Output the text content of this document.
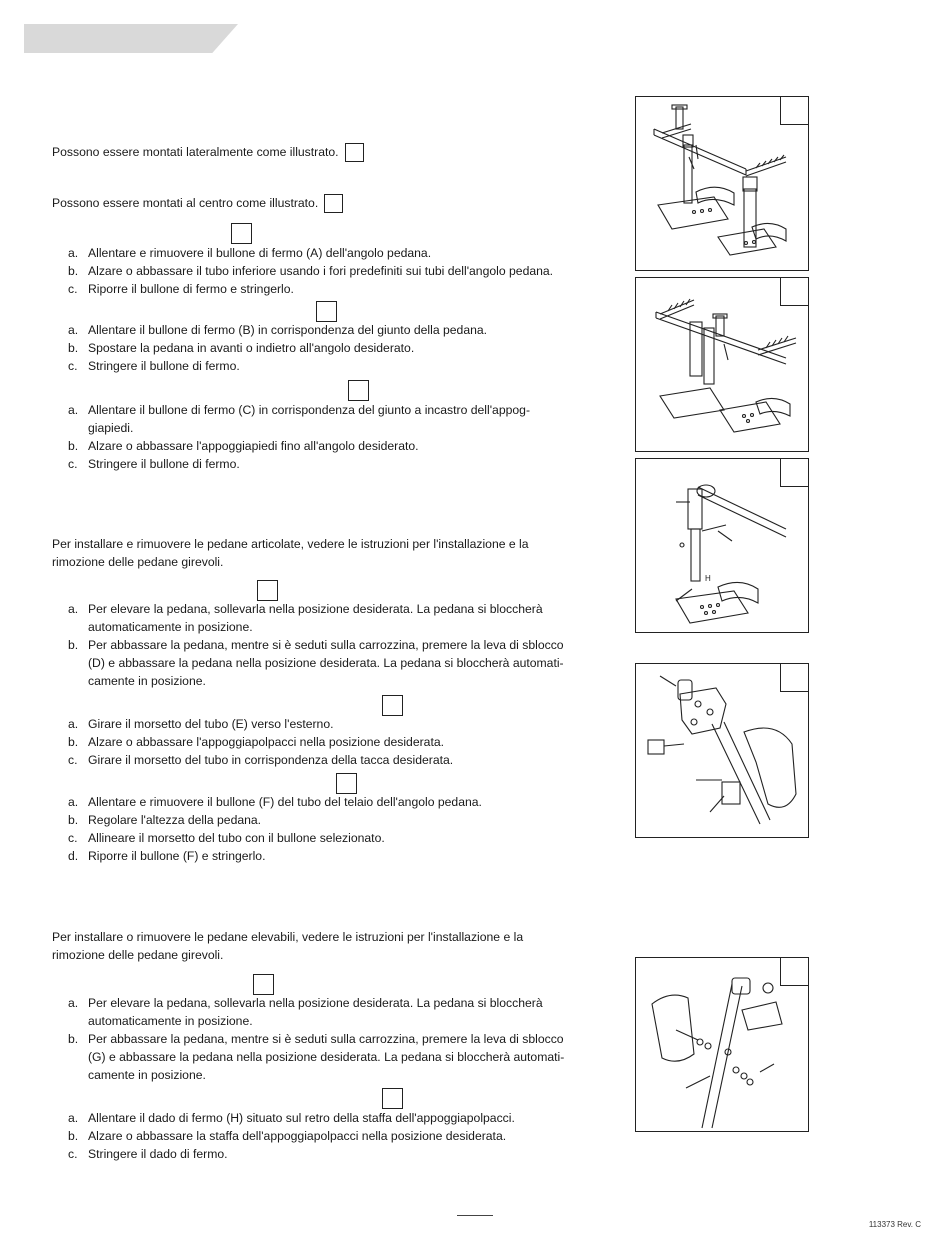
Possono essere montati lateralmente come illustrato.
Possono essere montati al centro come illustrato.
a. Allentare e rimuovere il bullone di fermo (A) dell'angolo pedana.
b. Alzare o abbassare il tubo inferiore usando i fori predefiniti sui tubi dell'angolo pedana.
c. Riporre il bullone di fermo e stringerlo.
a. Allentare il bullone di fermo (B) in corrispondenza del giunto della pedana.
b. Spostare la pedana in avanti o indietro all'angolo desiderato.
c. Stringere il bullone di fermo.
a. Allentare il bullone di fermo (C) in corrispondenza del giunto a incastro dell'appog-
giapiedi.
b. Alzare o abbassare l'appoggiapiedi fino all'angolo desiderato.
c. Stringere il bullone di fermo.
Per installare e rimuovere le pedane articolate, vedere le istruzioni per l'installazione e la
rimozione delle pedane girevoli.
a. Per elevare la pedana, sollevarla nella posizione desiderata. La pedana si bloccherà
automaticamente in posizione.
b. Per abbassare la pedana, mentre si è seduti sulla carrozzina, premere la leva di sblocco
(D) e abbassare la pedana nella posizione desiderata. La pedana si bloccherà automati-
camente in posizione.
a. Girare il morsetto del tubo (E) verso l'esterno.
b. Alzare o abbassare l'appoggiapolpacci nella posizione desiderata.
c. Girare il morsetto del tubo in corrispondenza della tacca desiderata.
a. Allentare e rimuovere il bullone (F) del tubo del telaio dell'angolo pedana.
b. Regolare l'altezza della pedana.
c. Allineare il morsetto del tubo con il bullone selezionato.
d. Riporre il bullone (F) e stringerlo.
Per installare o rimuovere le pedane elevabili, vedere le istruzioni per l'installazione e la
rimozione delle pedane girevoli.
a. Per elevare la pedana, sollevarla nella posizione desiderata. La pedana si bloccherà
automaticamente in posizione.
b. Per abbassare la pedana, mentre si è seduti sulla carrozzina, premere la leva di sblocco
(G) e abbassare la pedana nella posizione desiderata. La pedana si bloccherà automati-
camente in posizione.
a. Allentare il dado di fermo (H) situato sul retro della staffa dell'appoggiapolpacci.
b. Alzare o abbassare la staffa dell'appoggiapolpacci nella posizione desiderata.
c. Stringere il dado di fermo.
H
113373 Rev. C
